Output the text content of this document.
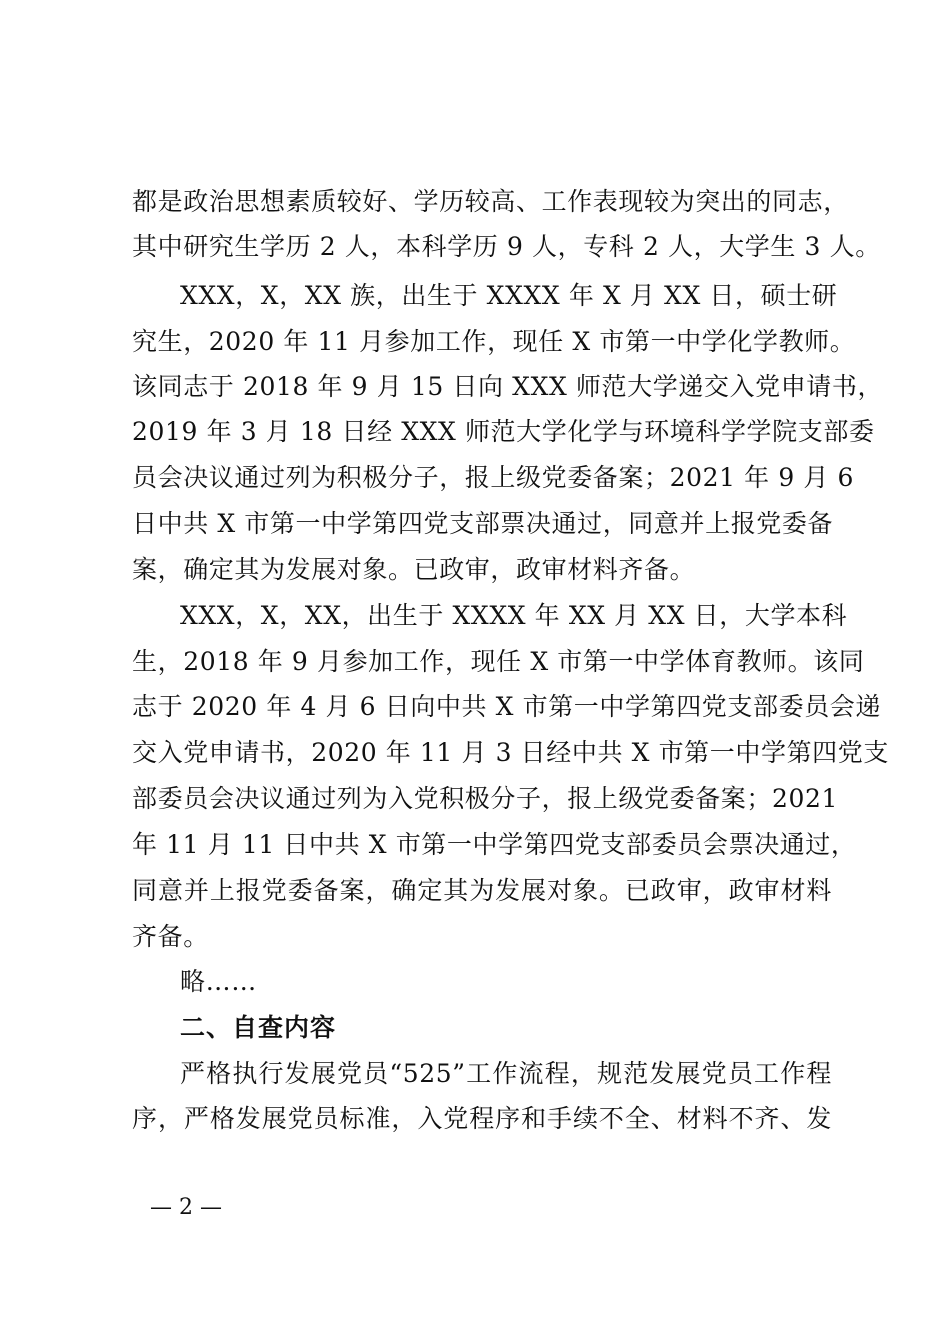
都是政治思想素质较好、学历较高、工作表现较为突出的同志，
其中研究生学历 2 人，本科学历 9 人，专科 2 人，大学生 3 人。
XXX，X，XX 族，出生于 XXXX 年 X 月 XX 日，硕士研
究生，2020 年 11 月参加工作，现任 X 市第一中学化学教师。
该同志于 2018 年 9 月 15 日向 XXX 师范大学递交入党申请书，
2019 年 3 月 18 日经 XXX 师范大学化学与环境科学学院支部委
员会决议通过列为积极分子，报上级党委备案；2021 年 9 月 6
日中共 X 市第一中学第四党支部票决通过，同意并上报党委备
案，确定其为发展对象。已政审，政审材料齐备。
XXX，X，XX，出生于 XXXX 年 XX 月 XX 日，大学本科
生，2018 年 9 月参加工作，现任 X 市第一中学体育教师。该同
志于 2020 年 4 月 6 日向中共 X 市第一中学第四党支部委员会递
交入党申请书，2020 年 11 月 3 日经中共 X 市第一中学第四党支
部委员会决议通过列为入党积极分子，报上级党委备案；2021
年 11 月 11 日中共 X 市第一中学第四党支部委员会票决通过，
同意并上报党委备案，确定其为发展对象。已政审，政审材料
齐备。
略……
二、自查内容
严格执行发展党员“525”工作流程，规范发展党员工作程
序，严格发展党员标准，入党程序和手续不全、材料不齐、发
— 2 —
